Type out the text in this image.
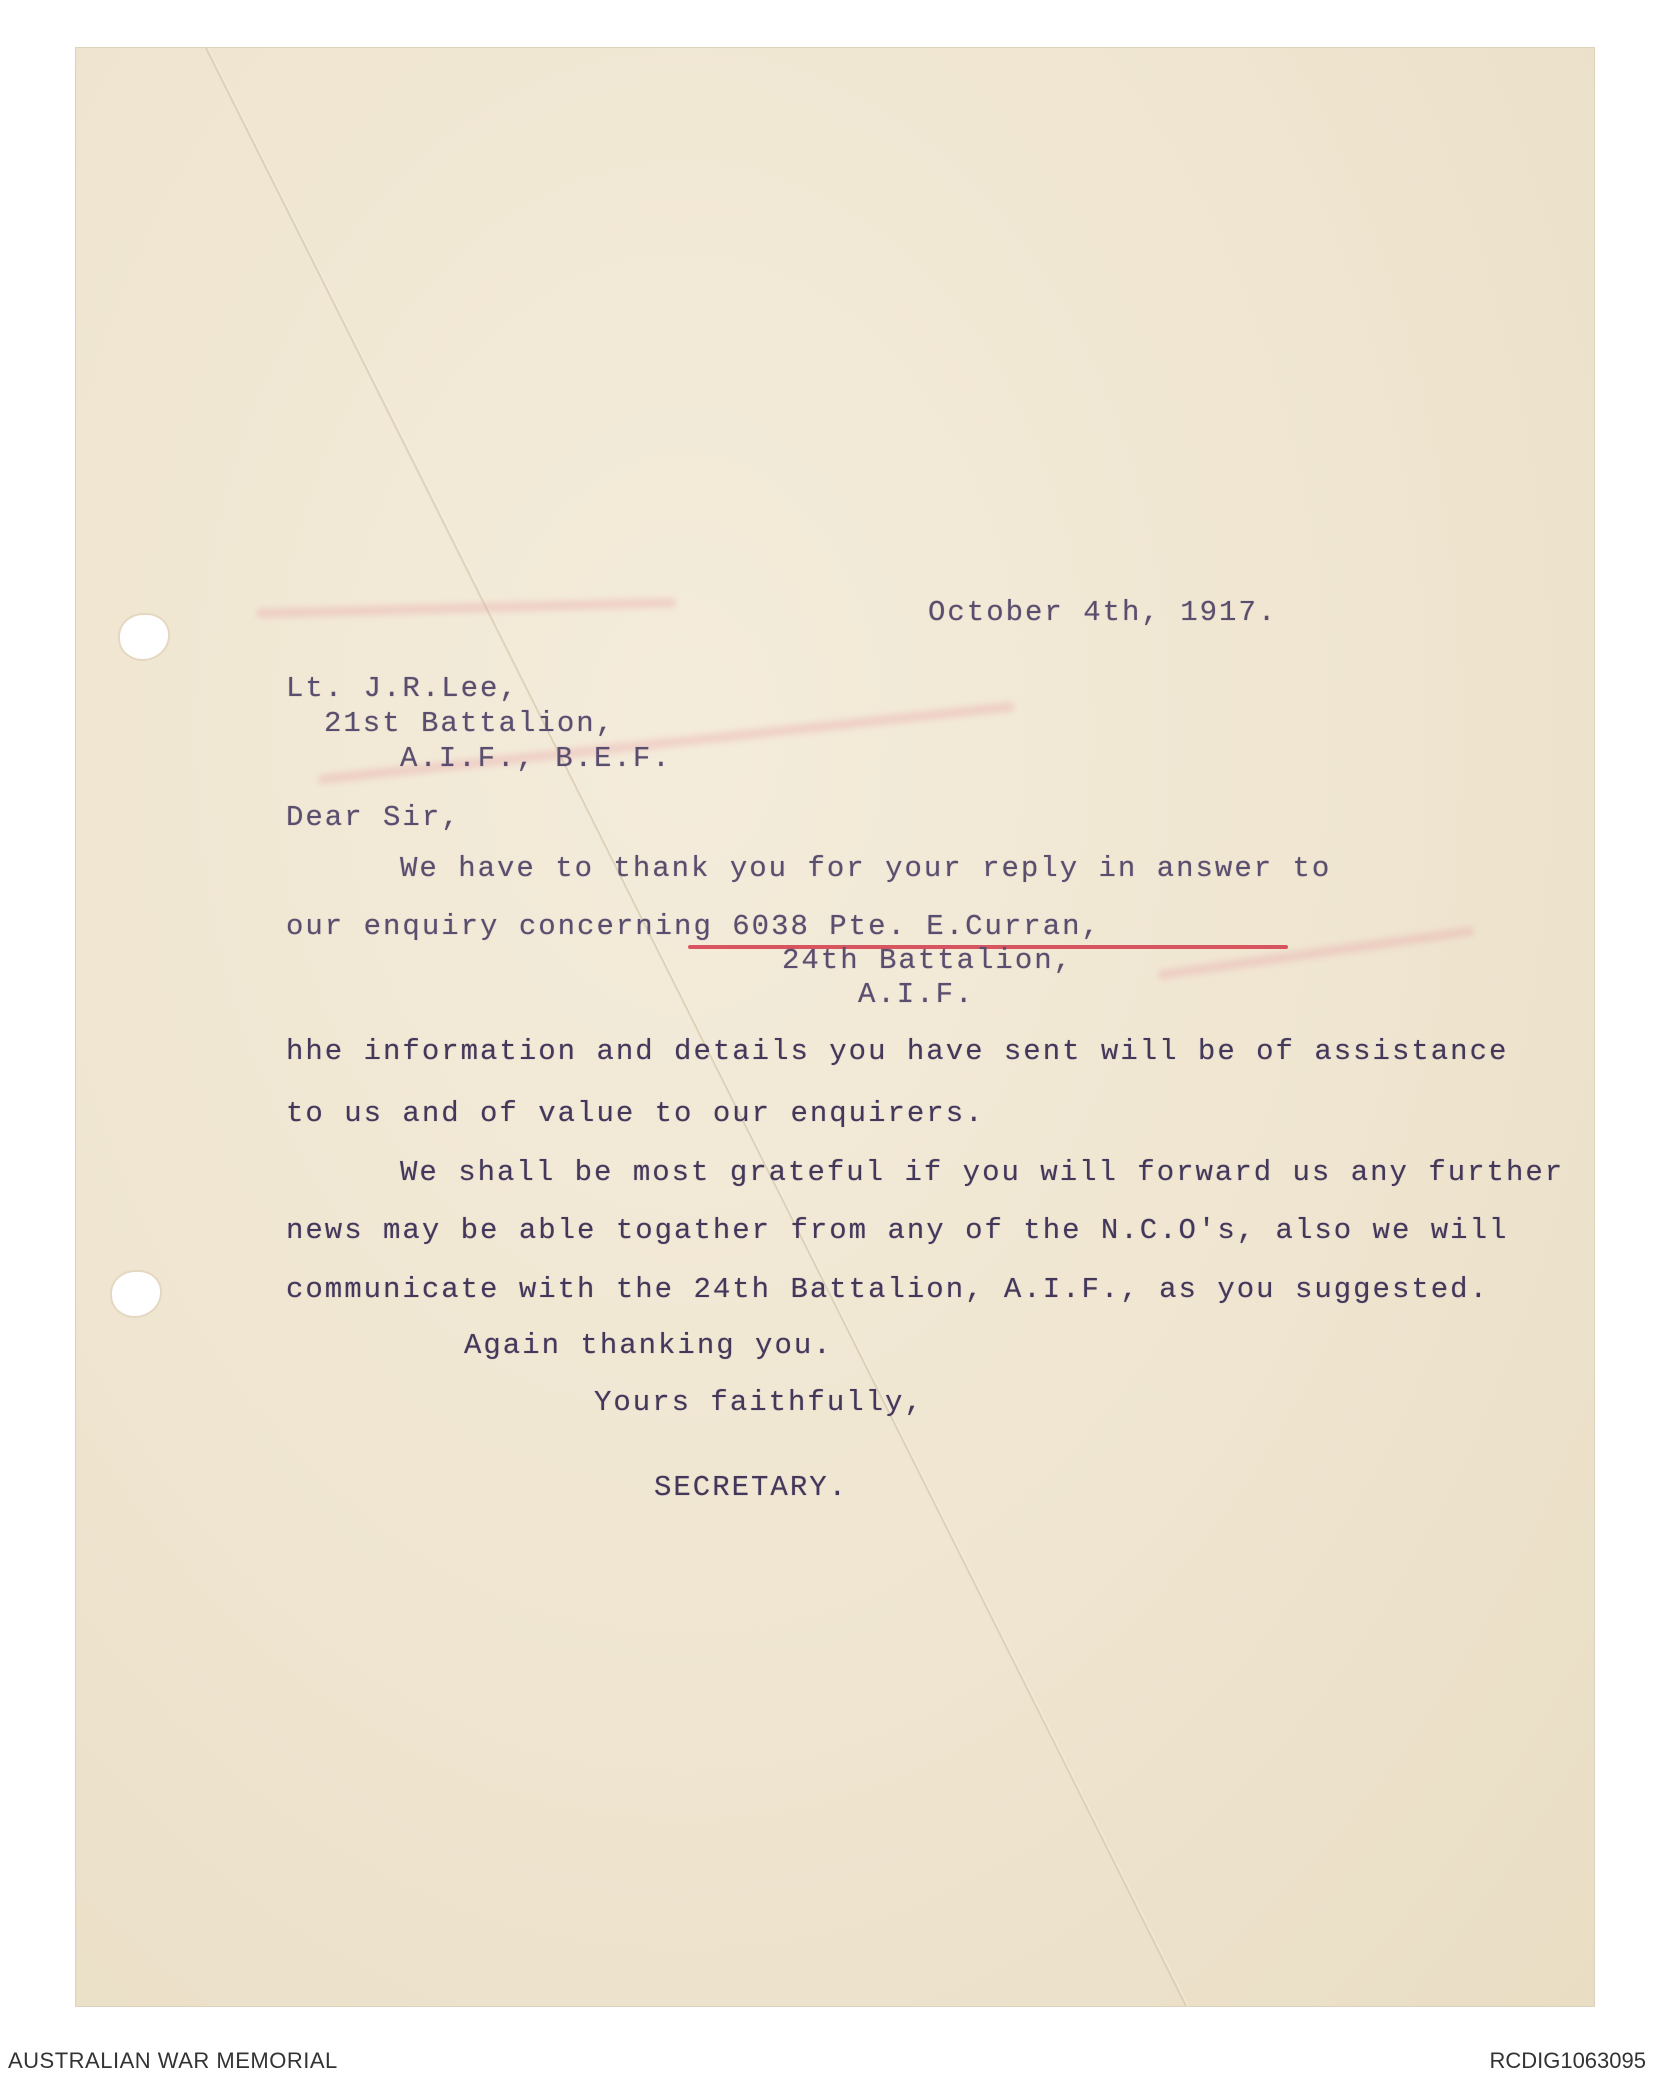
October 4th, 1917.
Lt. J.R.Lee,
21st Battalion,
A.I.F., B.E.F.
Dear Sir,
We have to thank you for your reply in answer to
our enquiry concerning 6038 Pte. E.Curran,
24th Battalion,
A.I.F.
hhe information and details you have sent will be of assistance
to us and of value to our enquirers.
We shall be most grateful if you will forward us any further
news may be able togather from any of the N.C.O's, also we will
communicate with the 24th Battalion, A.I.F., as you suggested.
Again thanking you.
Yours faithfully,
SECRETARY.
AUSTRALIAN WAR MEMORIAL	RCDIG1063095
